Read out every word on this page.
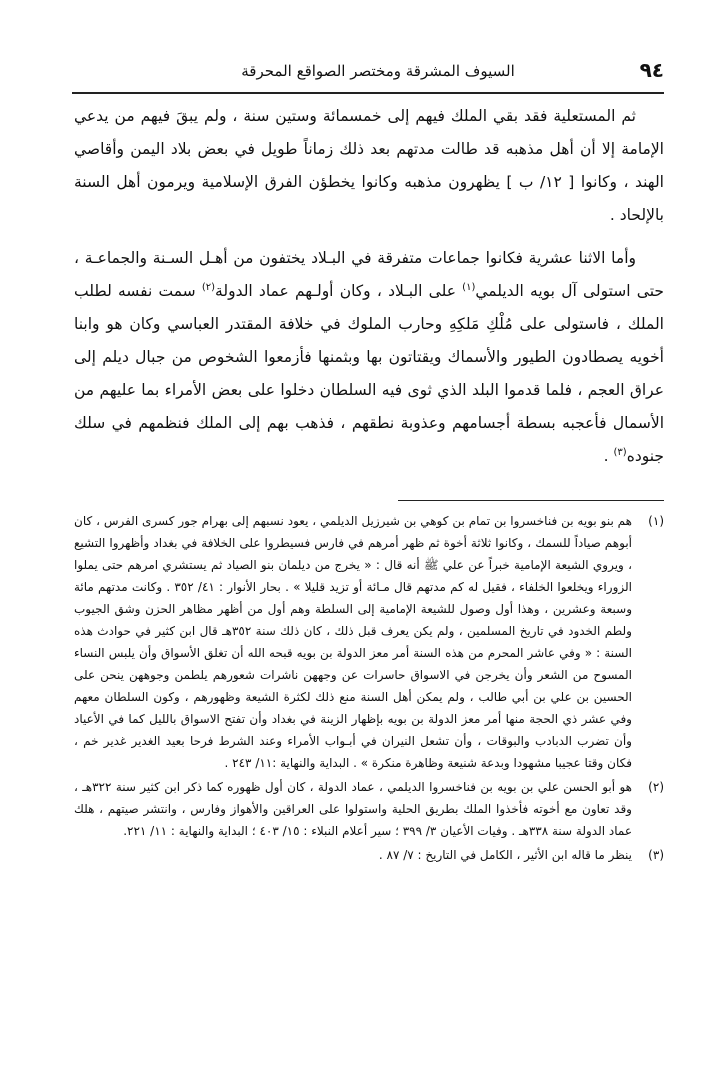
٩٤
السيوف المشرقة ومختصر الصواقع المحرقة

ثم المستعلية فقد بقي الملك فيهم إلى خمسمائة وستين سنة ، ولم يبقَ فيهم من يدعي الإمامة إلا أن أهل مذهبه قد طالت مدتهم بعد ذلك زماناً طويل في بعض بلاد اليمن وأقاصي الهند ، وكانوا [ ١٢/ ب ] يظهرون مذهبه وكانوا يخطؤن الفرق الإسلامية ويرمون أهل السنة بالإلحاد .

وأما الاثنا عشرية فكانوا جماعات متفرقة في البـلاد يختفون من أهـل السـنة والجماعـة ، حتى استولى آل بويه الديلمي$^{(١)}$ على البـلاد ، وكان أولـهم عماد الدولة$^{(٢)}$ سمت نفسه لطلب الملك ، فاستولى على مُلْكِ مَلكِهِ وحارب الملوك في خلافة المقتدر العباسي وكان هو وابنا أخويه يصطادون الطيور والأسماك ويقتاتون بها وبثمنها فأزمعوا الشخوص من جبال ديلم إلى عراق العجم ، فلما قدموا البلد الذي ثوى فيه السلطان دخلوا على بعض الأمراء بما عليهم من الأسمال فأعجبه بسطة أجسامهم وعذوبة نطقهم ، فذهب بهم إلى الملك فنظمهم في سلك جنوده$^{(٣)}$ .

(١)
هم بنو بويه بن فناخسروا بن تمام بن كوهي بن شيرزيل الديلمي ، يعود نسبهم إلى بهرام جور كسرى الفرس ، كان أبوهم صياداً للسمك ، وكانوا ثلاثة أخوة ثم ظهر أمرهم في فارس فسيطروا على الخلافة في بغداد وأظهروا التشيع ، ويروي الشيعة الإمامية خبراً عن علي ﷺ أنه قال : « يخرج من ديلمان بنو الصياد ثم يستشري امرهم حتى يملوا الزوراء ويخلعوا الخلفاء ، فقيل له كم مدتهم قال مـائة أو تزيد قليلا » . بحار الأنوار : ٤١/ ٣٥٢ . وكانت مدتهم مائة وسبعة وعشرين ، وهذا أول وصول للشيعة الإمامية إلى السلطة وهم أول من أظهر مظاهر الحزن وشق الجيوب ولطم الخدود في تاريخ المسلمين ، ولم يكن يعرف قبل ذلك ، كان ذلك سنة ٣٥٢هـ قال ابن كثير في حوادث هذه السنة : « وفي عاشر المحرم من هذه السنة أمر معز الدولة بن بويه قبحه الله أن تغلق الأسواق وأن يلبس النساء المسوح من الشعر وأن يخرجن في الاسواق حاسرات عن وجههن ناشرات شعورهم يلطمن وجوههن ينحن على الحسين بن علي بن أبي طالب ، ولم يمكن أهل السنة منع ذلك لكثرة الشيعة وظهورهم ، وكون السلطان معهم وفي عشر ذي الحجة منها أمر معز الدولة بن بويه بإظهار الزينة في بغداد وأن تفتح الاسواق بالليل كما في الأعياد وأن تضرب الدبادب والبوقات ، وأن تشعل النيران في أبـواب الأمراء وعند الشرط فرحا بعيد الغدير غدير خم ، فكان وقتا عجيبا مشهودا وبدعة شنيعة وظاهرة منكرة » . البداية والنهاية :١١/ ٢٤٣ .
(٢)
هو أبو الحسن علي بن بويه بن فناخسروا الديلمي ، عماد الدولة ، كان أول ظهوره كما ذكر ابن كثير سنة ٣٢٢هـ ، وقد تعاون مع أخوته فأخذوا الملك بطريق الحلية واستولوا على العراقين والأهواز وفارس ، وانتشر صيتهم ، هلك عماد الدولة سنة ٣٣٨هـ . وفيات الأعيان ٣/ ٣٩٩ ؛ سير أعلام النبلاء : ١٥/ ٤٠٣ ؛ البداية والنهاية : ١١/ ٢٢١.
(٣)
ينظر ما قاله ابن الأثير ، الكامل في التاريخ : ٧/ ٨٧ .
